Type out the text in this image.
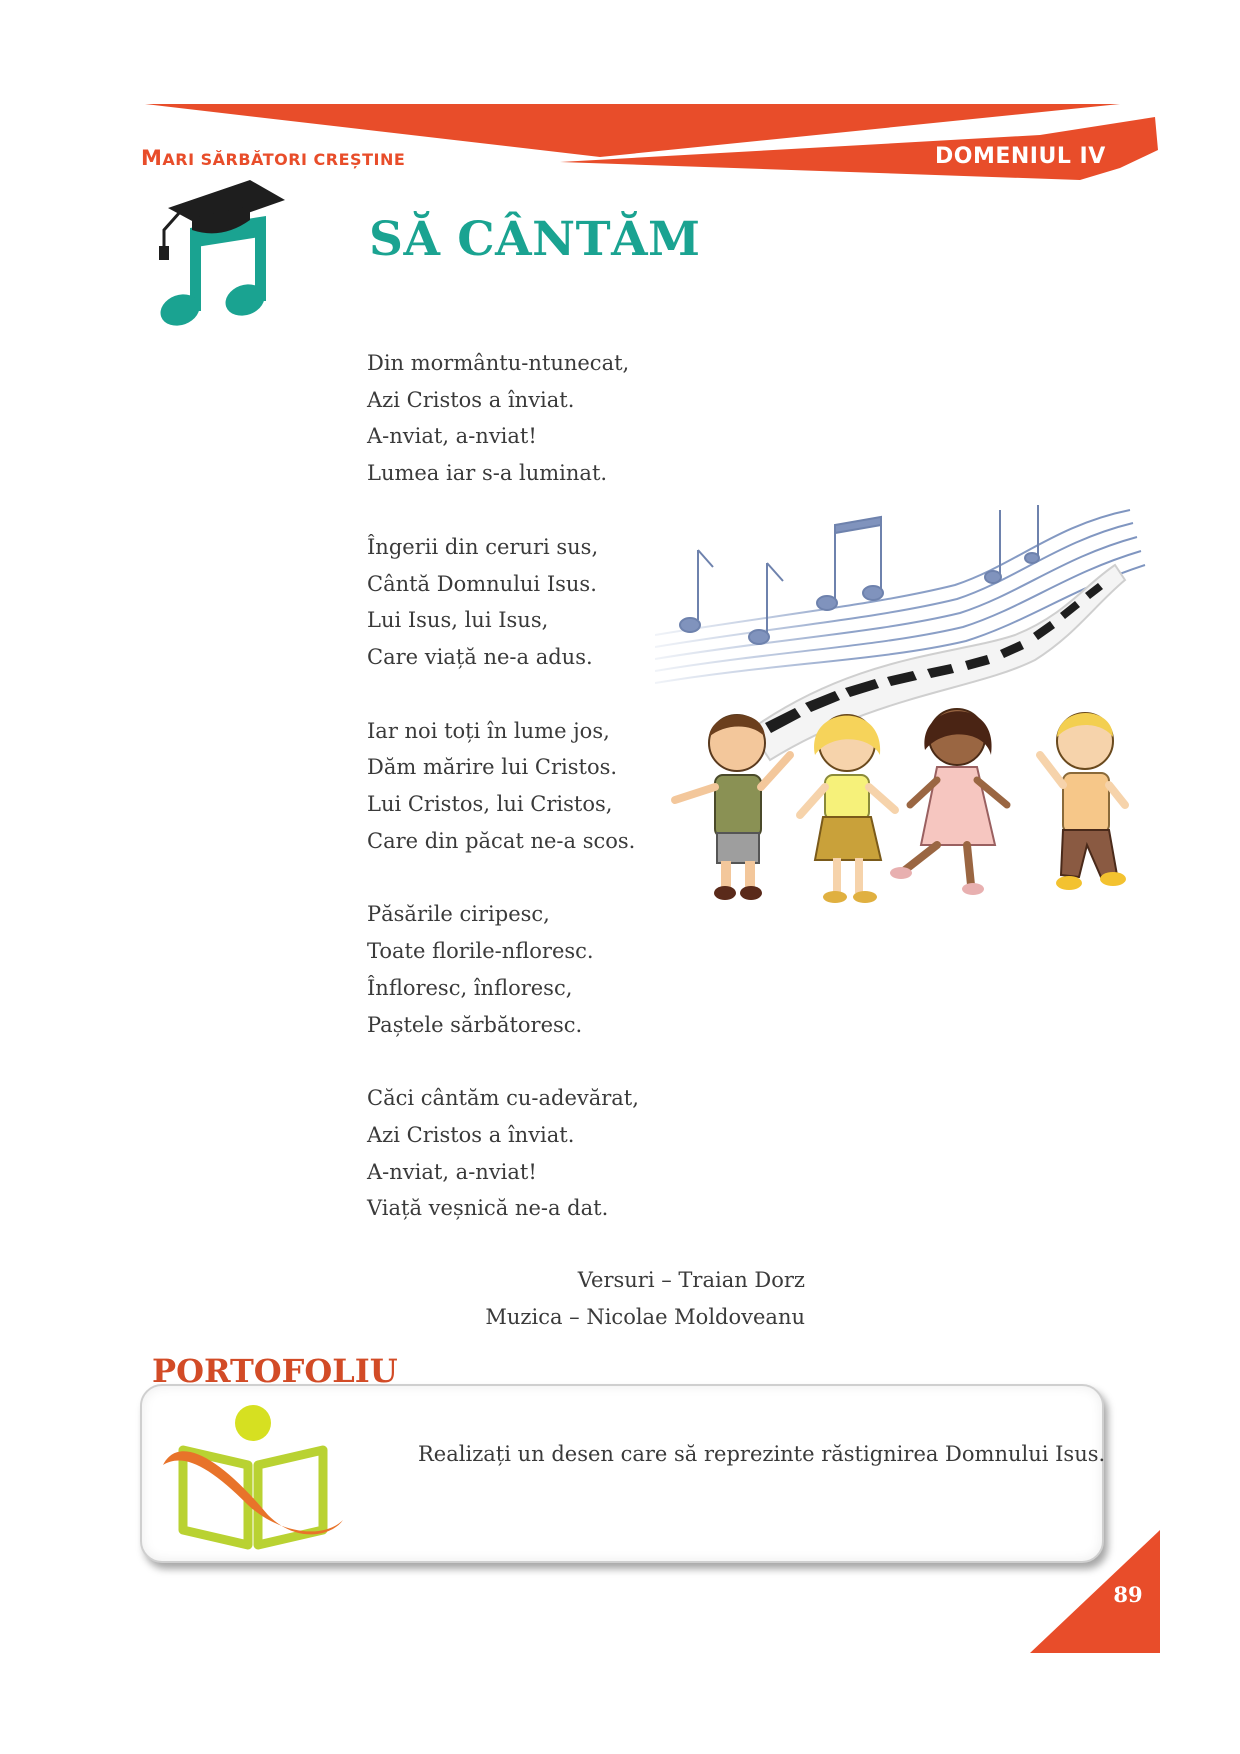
MARI SĂRBĂTORI CREȘTINE	DOMENIUL IV
SĂ CÂNTĂM
Din mormântu-ntunecat,
Azi Cristos a înviat.
A-nviat, a-nviat!
Lumea iar s-a luminat.
Îngerii din ceruri sus,
Cântă Domnului Isus.
Lui Isus, lui Isus,
Care viață ne-a adus.
Iar noi toți în lume jos,
Dăm mărire lui Cristos.
Lui Cristos, lui Cristos,
Care din păcat ne-a scos.
Păsările ciripesc,
Toate florile-nfloresc.
Înfloresc, înfloresc,
Paștele sărbătoresc.
Căci cântăm cu-adevărat,
Azi Cristos a înviat.
A-nviat, a-nviat!
Viață veșnică ne-a dat.
Versuri – Traian Dorz
Muzica – Nicolae Moldoveanu
PORTOFOLIU
Realizați un desen care să reprezinte răstignirea Domnului Isus.
89
